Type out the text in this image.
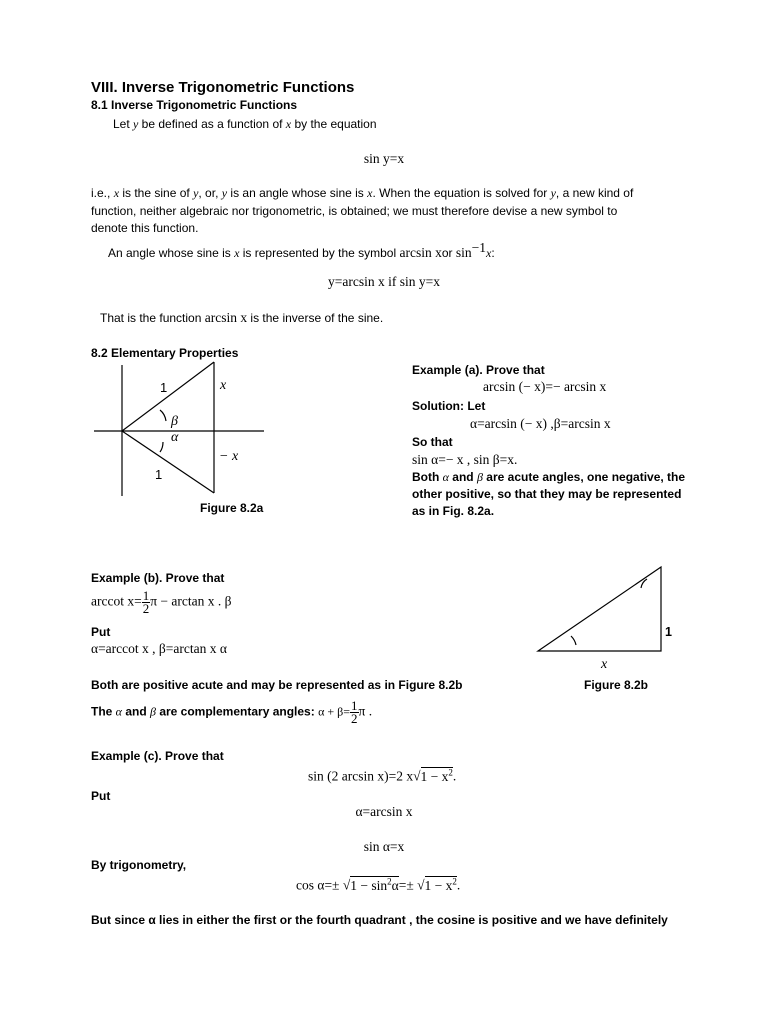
VIII. Inverse Trigonometric Functions
8.1 Inverse Trigonometric Functions
Let y be defined as a function of x by the equation
sin y=x
i.e., x is the sine of y, or, y is an angle whose sine is x. When the equation is solved for y, a new kind of
function, neither algebraic nor trigonometric, is obtained; we must therefore devise a new symbol to
denote this function.
An angle whose sine is x is represented by the symbol arcsin xor $\sin^{-1}x$:
y=arcsin x if sin y=x
That is the function arcsin x is the inverse of the sine.
8.2 Elementary Properties
1	x
β
α
− x
1
Figure 8.2a
Example (a). Prove that
arcsin (− x)=− arcsin x
Solution: Let
α=arcsin (− x) ,β=arcsin x
So that
sin α=− x , sin β=x.
Both α and β are acute angles, one negative, the
other positive, so that they may be represented
as in Fig. 8.2a.
Example (b). Prove that
arccot $x= \frac{1}{2}$ π − arctan x . β
Put
α=arccot x , β=arctan x α
Both are positive acute and may be represented as in Figure 8.2b
The α and β are complementary angles: $\alpha + \beta= \frac{1}{2}$ π .
1
x
Figure 8.2b
Example (c). Prove that
sin (2 arcsin x)=2 $x√1 - x^2$.
Put
α=arcsin x
sin α=x
By trigonometry,
$\cos \alpha=\pm √1 - \sin^2\alpha=\pm √1 - x^2$.
But since α lies in either the first or the fourth quadrant , the cosine is positive and we have definitely
